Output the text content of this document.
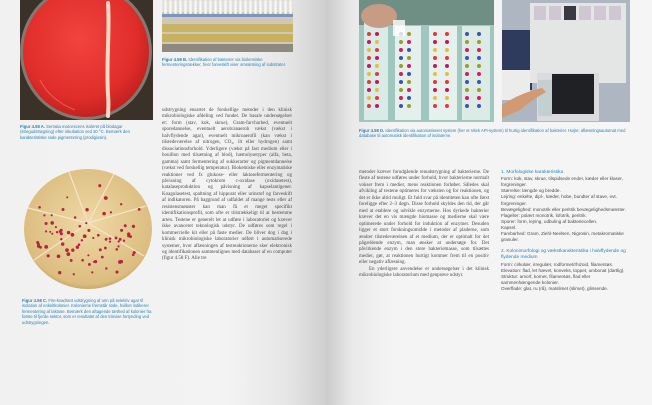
Figur 4.58 A. Serratia marcescens isoleret på blodagar (stregudstrøgning) efter inkubation ved 30 °C. Bemærk den karakteristiske røde pigmentering (prodigiosin).
Figur 4.58 B. Identifikation af bakterier via biokemiske fermenteringsrækker, hvor farveskift viser omsætning af substrater.
Figur 4.58 C. Fire-kvadrant udstrygning af urin på selektiv agar til isolation af enkeltkolonier. Kolonierne fremstår røde, hvilket indikerer fermentering af laktose. Bemærk den aftagende tæthed af kolonier fra første til fjerde sektor, som er resultatet af den trinvise fortynding ved udstrygningen.

udstrygning ensartet de forskellige metoder i den klinisk mikrobiologiske afdeling ved fundet. De basale undersøgelser er: form (stav, kok, skrue), Gram-farvbarhed, eventuelt sporedannelse, eventuelt aerob/anaerob vækst (vækst i halvflydende agar), eventuelt mikroaerofil (kan vækst i tilstedeværelse af nitrogen, CO₂, ilt eller hydrogen) samt dissociationsforhold. Yderligere (vækst på fast medium eller i bouillon med tilsætning af blod), hæmolysetyper (alfa, beta, gamma) samt fermentering af sukkerarter og pigmentdannelse (vækst ved forskellig temperatur). Biokemiske eller enzymatiske reaktioner ved fx glukose- eller laktosefermentering og påvisning af cytokrom c-oxidase (oxidasetest), katalaseproduktion og påvisning af kapselantigener. Koagulasetest, spaltning af hippurat eller urinstof og farveskift af indikatoren. På baggrund af udfaldet af mange tests eller af resistensmønster kan man få et meget specifikt identifikationsprofil, som ofte er tilstrækkeligt til at bestemme arten. Testene er generelt let at udføre i laboratoriet og kræver ikke avanceret teknologisk udstyr. De udføres som regel i kommercielle kit eller på faste medier. De bliver dog i dag i klinisk mikrobiologiske laboratorier udført i automatiserede systemer, hvor aflæsningen af testreaktionerne sker elektronisk og identifikationen sammenlignes med databaser af en computer (figur 4.58 F). Alle tre

Figur 4.58 D. Identifikation via automatiseret system (her et Vitek API-system) til hurtig identifikation af bakterier. Højre: aflæsningsautomat med database til automatisk identifikation af isolaterne.

metoder kræver forudgående renudstrygning af bakterierne. De fleste af testene udføres under forhold, hvor bakterierne normalt vokser frem i medier, mens reaktionen forløber. Således skal afvikling af testene optimeres for væksten og for reaktionen, og det er ikke altid muligt. Et fuld svar på identiteten kan ofte først foreligge efter 2–3 døgn. Disse forhold skyldes den tid, der går med at etablere og udvikle enzymerne. Hos dyrkede bakterier kræver det en vis mængde biomasse og medierne skal være optimerede under forhold for induktion af enzymer. Desuden ligger et stort forskningsområde i metoder af pladerne, som ændrer tilstedeværelsen af et medium, der er optimalt for det pågældende enzym, man ønsker at undersøge for. Det påvirkende enzym i den store bakteriemasse, som tilsættes medier, gør, at reaktionen hurtigt kommer frem til en positiv eller negativ aflæsning.

En yderligere anvendelse er undersøgelser i det klinisk mikrobiologiske laboratorium med genprøve udstyr.

1. Morfologiske karakteristika
Form: kok, stav, skrue, tilspidsede ender, kæder eller klaser, forgreninger.
Størrelse: længde og bredde.
Lejring: enkelte, dipl-, kæder, hobe, bundter af stave, evt. forgreninger.
Bevægelighed: monotrik eller peritrik bevægelighedsmønster.
Flageller: polært monotrik, lofotrik, peritrik.
Sporer: form, lejring, udbuling af bakteriecellen.
Kapsel.
Farvbarhed: Gram, Ziehl-Neelsen, Nigrosin, metakromatiske granuler.
2. Kolonimorfologi og vækstkarakteristika i halvflydende og flydende medium
Form: cirkulær, irregulær, rodformet/rhizoid, filamentøs.
Elevation: flad, let hævet, konveks, toppet, umbonat (dartlig).
Struktur: amorf, kornet, filamentøs, flad eller sammenhængende kolonier.
Overflade: glat, ru (rå), matslimet (slimet), glinsende.
